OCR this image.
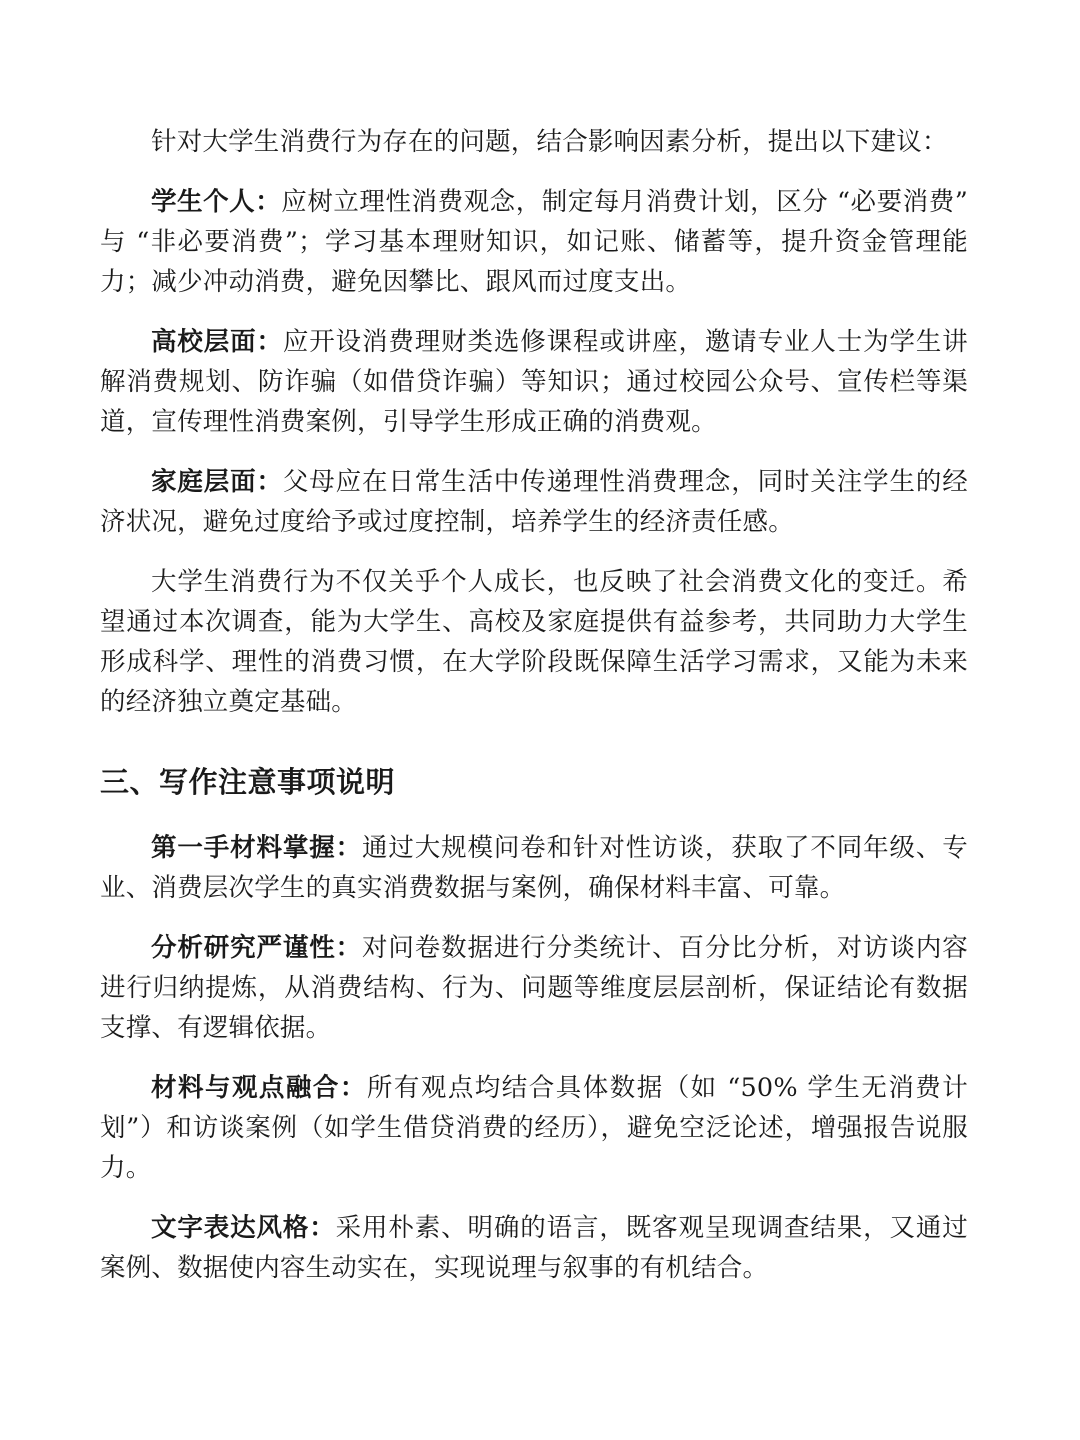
针对大学生消费行为存在的问题，结合影响因素分析，提出以下建议：

学生个人：应树立理性消费观念，制定每月消费计划，区分 “必要消费” 与 “非必要消费”；学习基本理财知识，如记账、储蓄等，提升资金管理能力；减少冲动消费，避免因攀比、跟风而过度支出。

高校层面：应开设消费理财类选修课程或讲座，邀请专业人士为学生讲解消费规划、防诈骗（如借贷诈骗）等知识；通过校园公众号、宣传栏等渠道，宣传理性消费案例，引导学生形成正确的消费观。

家庭层面：父母应在日常生活中传递理性消费理念，同时关注学生的经济状况，避免过度给予或过度控制，培养学生的经济责任感。

大学生消费行为不仅关乎个人成长，也反映了社会消费文化的变迁。希望通过本次调查，能为大学生、高校及家庭提供有益参考，共同助力大学生形成科学、理性的消费习惯，在大学阶段既保障生活学习需求，又能为未来的经济独立奠定基础。

三、写作注意事项说明

第一手材料掌握：通过大规模问卷和针对性访谈，获取了不同年级、专业、消费层次学生的真实消费数据与案例，确保材料丰富、可靠。

分析研究严谨性：对问卷数据进行分类统计、百分比分析，对访谈内容进行归纳提炼，从消费结构、行为、问题等维度层层剖析，保证结论有数据支撑、有逻辑依据。

材料与观点融合：所有观点均结合具体数据（如 “50% 学生无消费计划”）和访谈案例（如学生借贷消费的经历），避免空泛论述，增强报告说服力。

文字表达风格：采用朴素、明确的语言，既客观呈现调查结果，又通过案例、数据使内容生动实在，实现说理与叙事的有机结合。
